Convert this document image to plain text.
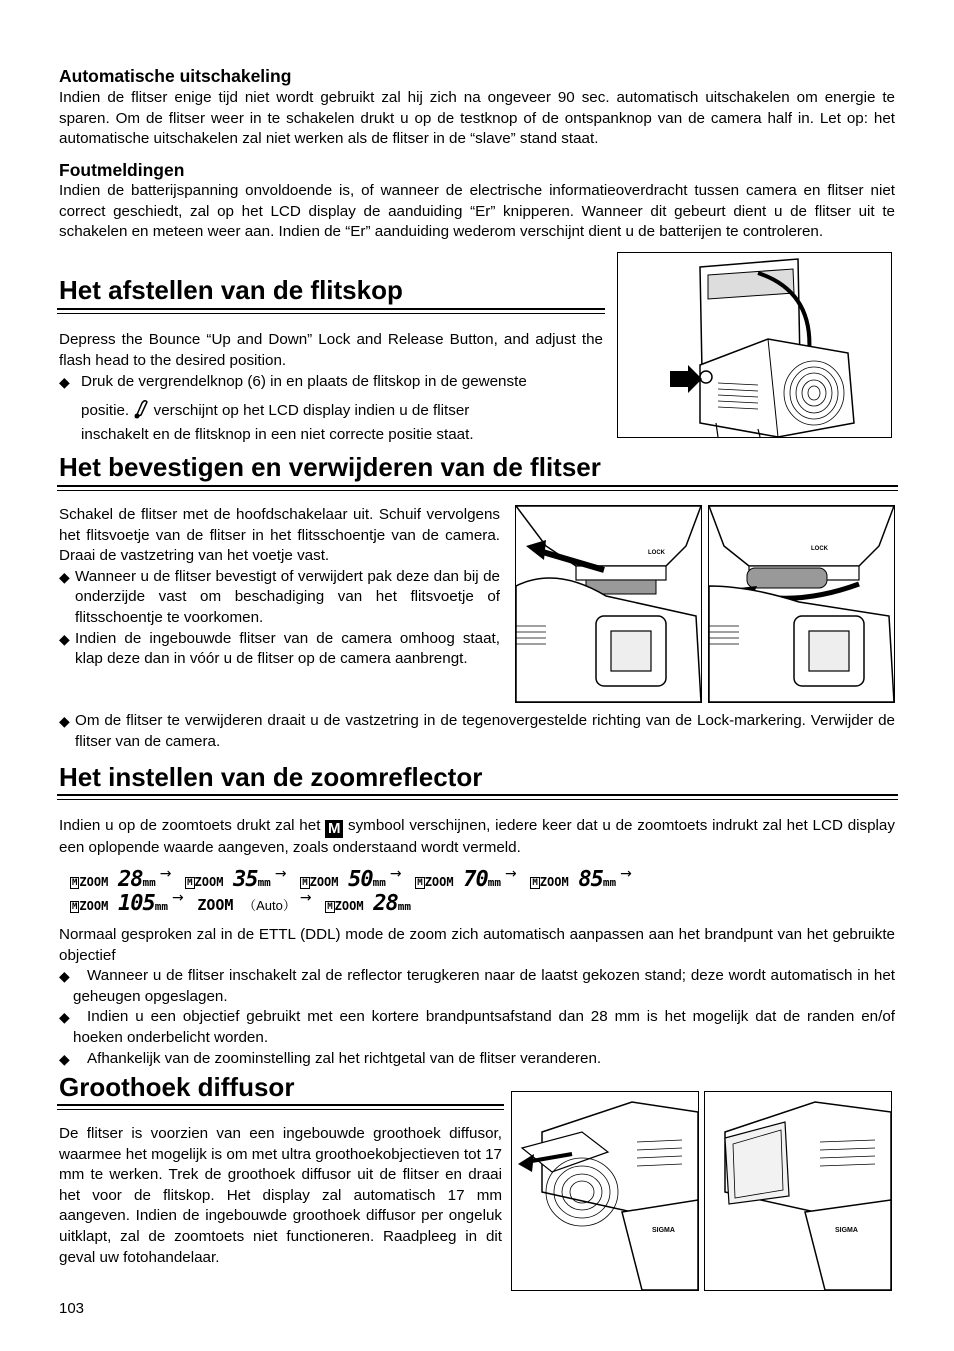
Automatische uitschakeling

Indien de flitser enige tijd niet wordt gebruikt zal hij zich na ongeveer 90 sec. automatisch uitschakelen om energie te sparen. Om de flitser weer in te schakelen drukt u op de testknop of de ontspanknop van de camera half in. Let op: het automatische uitschakelen zal niet werken als de flitser in de “slave” stand staat.

Foutmeldingen

Indien de batterijspanning onvoldoende is, of wanneer de electrische informatieoverdracht tussen camera en flitser niet correct geschiedt, zal op het LCD display de aanduiding “Er” knipperen. Wanneer dit gebeurt dient u de flitser uit te schakelen en meteen weer aan. Indien de “Er” aanduiding wederom verschijnt dient u de batterijen te controleren.

Het afstellen van de flitskop

Depress the Bounce “Up and Down” Lock and Release Button, and adjust the flash head to the desired position.

◆ Druk de vergrendelknop (6) in en plaats de flitskop in de gewenste

positie. verschijnt op het LCD display indien u de flitser

inschakelt en de flitsknop in een niet correcte positie staat.

Het bevestigen en verwijderen van de flitser

Schakel de flitser met de hoofdschakelaar uit. Schuif vervolgens het flitsvoetje van de flitser in het flitsschoentje van de camera. Draai de vastzetring van het voetje vast.

◆ Wanneer u de flitser bevestigt of verwijdert pak deze dan bij de onderzijde vast om beschadiging van het flitsvoetje of flitsschoentje te voorkomen.

◆ Indien de ingebouwde flitser van de camera omhoog staat, klap deze dan in vóór u de flitser op de camera aanbrengt.

◆ Om de flitser te verwijderen draait u de vastzetring in de tegenovergestelde richting van de Lock-markering. Verwijder de flitser van de camera.

LOCK
LOCK

Het instellen van de zoomreflector

Indien u op de zoomtoets drukt zal het M symbool verschijnen, iedere keer dat u de zoomtoets indrukt zal het LCD display een oplopende waarde aangeven, zoals onderstaand wordt vermeld.

M ZOOM 28mm→ M ZOOM 35mm→ M ZOOM 50mm→ M ZOOM 70mm→ M ZOOM 85mm→
M ZOOM 105mm→ ZOOM （Auto） → M ZOOM 28mm

Normaal gesproken zal in de ETTL (DDL) mode de zoom zich automatisch aanpassen aan het brandpunt van het gebruikte objectief

◆ Wanneer u de flitser inschakelt zal de reflector terugkeren naar de laatst gekozen stand; deze wordt automatisch in het geheugen opgeslagen.

◆ Indien u een objectief gebruikt met een kortere brandpuntsafstand dan 28 mm is het mogelijk dat de randen en/of hoeken onderbelicht worden.

◆ Afhankelijk van de zoominstelling zal het richtgetal van de flitser veranderen.

Groothoek diffusor

De flitser is voorzien van een ingebouwde groothoek diffusor, waarmee het mogelijk is om met ultra groothoekobjectieven tot 17 mm te werken. Trek de groothoek diffusor uit de flitser en draai het voor de flitskop. Het display zal automatisch 17 mm aangeven. Indien de ingebouwde groothoek diffusor per ongeluk uitklapt, zal de zoomtoets niet functioneren. Raadpleeg in dit geval uw fotohandelaar.

SIGMA	SIGMA
103
